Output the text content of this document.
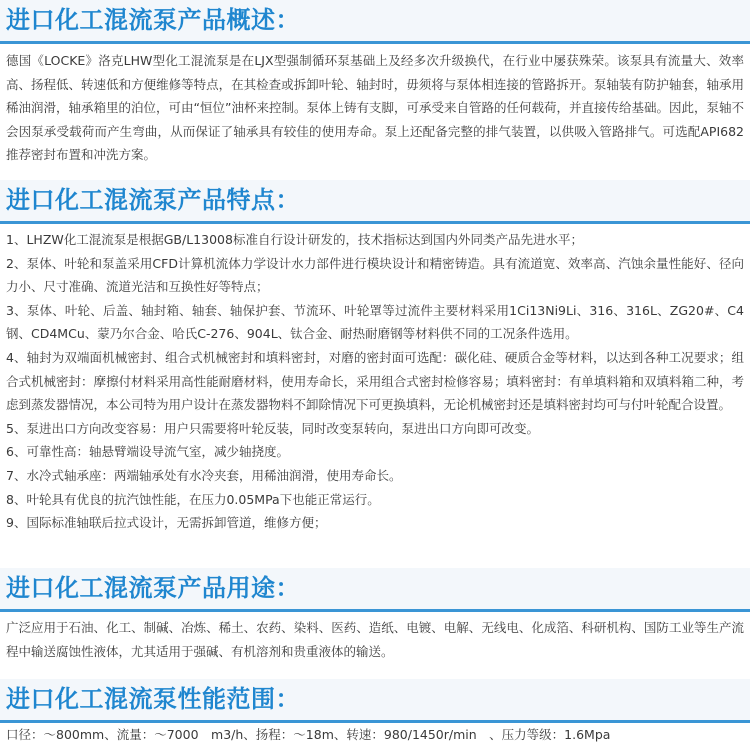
进口化工混流泵产品概述：

德国《LOCKE》洛克LHW型化工混流泵是在LJX型强制循环泵基础上及经多次升级换代，在行业中屡获殊荣。该泵具有流量大、效率高、扬程低、转速低和方便维修等特点，在其检查或拆卸叶轮、轴封时，毋须将与泵体相连接的管路拆开。泵轴装有防护轴套，轴承用稀油润滑，轴承箱里的泊位，可由“恒位”油杯来控制。泵体上铸有支脚，可承受来自管路的任何载荷，并直接传给基础。因此，泵轴不会因泵承受载荷而产生弯曲，从而保证了轴承具有较佳的使用寿命。泵上还配备完整的排气装置，以供吸入管路排气。可选配API682推荐密封布置和冲洗方案。

进口化工混流泵产品特点：
1、LHZW化工混流泵是根据GB/L13008标准自行设计研发的，技术指标达到国内外同类产品先进水平；
2、泵体、叶轮和泵盖采用CFD计算机流体力学设计水力部件进行模块设计和精密铸造。具有流道宽、效率高、汽蚀余量性能好、径向力小、尺寸准确、流道光洁和互换性好等特点；
3、泵体、叶轮、后盖、轴封箱、轴套、轴保护套、节流环、叶轮罩等过流件主要材料采用1Ci13Ni9Li、316、316L、ZG20#、C4钢、CD4MCu、蒙乃尔合金、哈氏C-276、904L、钛合金、耐热耐磨钢等材料供不同的工况条件选用。
4、轴封为双端面机械密封、组合式机械密封和填料密封，对磨的密封面可选配：碳化硅、硬质合金等材料，以达到各种工况要求；组合式机械密封：摩擦付材料采用高性能耐磨材料，使用寿命长，采用组合式密封检修容易；填料密封：有单填料箱和双填料箱二种，考虑到蒸发器情况，本公司特为用户设计在蒸发器物料不卸除情况下可更换填料，无论机械密封还是填料密封均可与付叶轮配合设置。
5、泵进出口方向改变容易：用户只需要将叶轮反装，同时改变泵转向，泵进出口方向即可改变。
6、可靠性高：轴悬臂端设导流气室，减少轴挠度。
7、水冷式轴承座：两端轴承处有水冷夹套，用稀油润滑，使用寿命长。
8、叶轮具有优良的抗汽蚀性能，在压力0.05MPa下也能正常运行。
9、国际标准轴联后拉式设计，无需拆卸管道，维修方便；
进口化工混流泵产品用途：

广泛应用于石油、化工、制碱、冶炼、稀土、农药、染料、医药、造纸、电镀、电解、无线电、化成箔、科研机构、国防工业等生产流程中输送腐蚀性液体，尤其适用于强碱、有机溶剂和贵重液体的输送。

进口化工混流泵性能范围：
口径：～800mm、流量：～7000　m3/h、扬程：～18m、转速：980/1450r/min　、压力等级：1.6Mpa
